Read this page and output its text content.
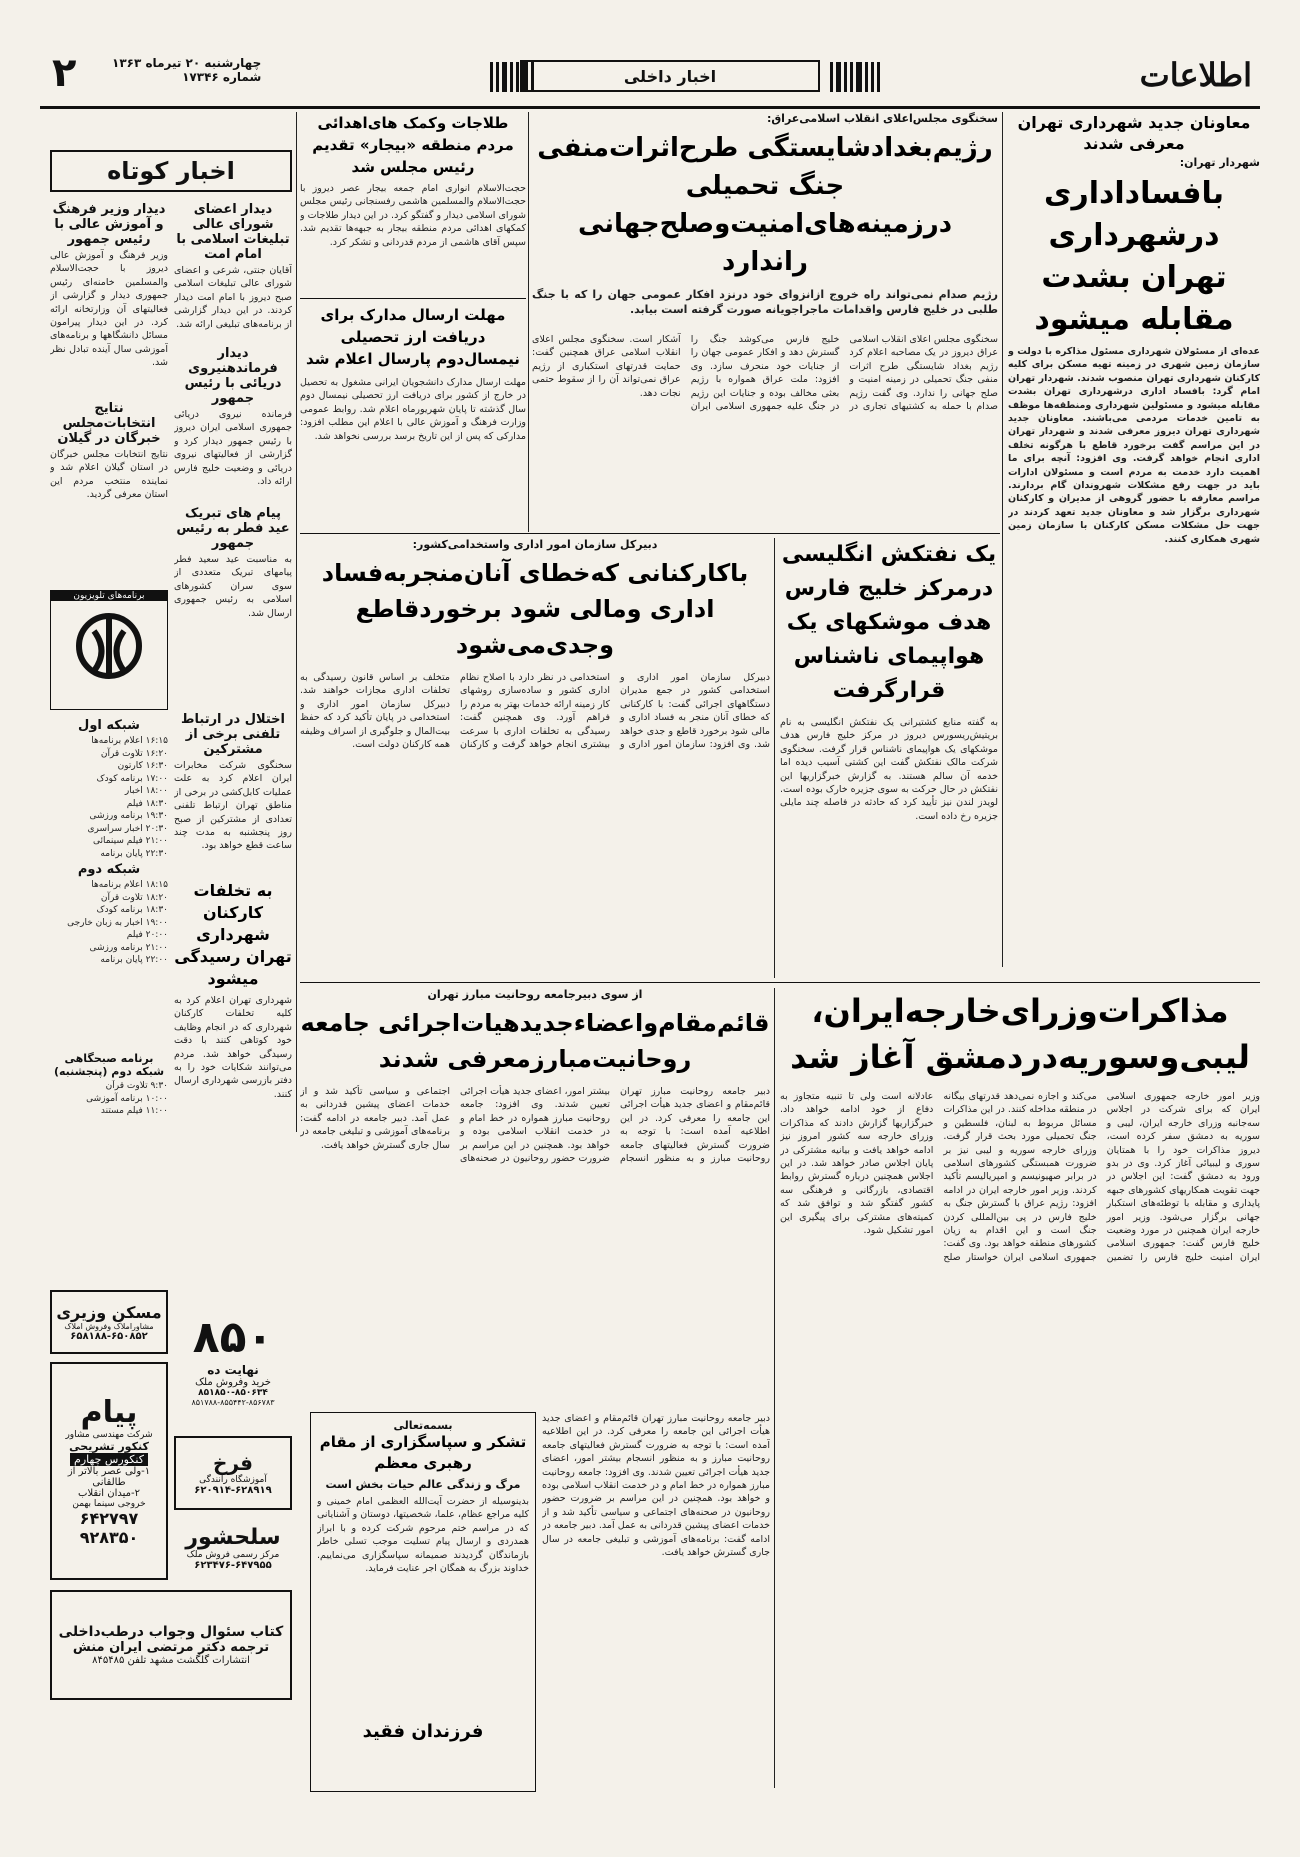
اطلاعات
اخبار داخلی
چهارشنبه ۲۰ تیرماه ۱۳۶۳
شماره ۱۷۳۴۶
۲
معاونان جدید شهرداری تهران معرفی شدند
شهردار تهران:
بافساداداری درشهرداری تهران بشدت مقابله میشود
عده‌ای از مسئولان شهرداری مسئول مذاکره با دولت و سازمان زمین شهری در زمینه تهیه مسکن برای کلیه کارکنان شهرداری تهران منصوب شدند. شهردار تهران امام گرد: بافساد اداری درشهرداری تهران بشدت مقابله میشود و مسئولین شهرداری ومنطقه‌ها موظف به تامین خدمات مردمی می‌باشند. معاونان جدید شهرداری تهران دیروز معرفی شدند و شهردار تهران در این مراسم گفت برخورد قاطع با هرگونه تخلف اداری انجام خواهد گرفت. وی افزود: آنچه برای ما اهمیت دارد خدمت به مردم است و مسئولان ادارات باید در جهت رفع مشکلات شهروندان گام بردارند. مراسم معارفه با حضور گروهی از مدیران و کارکنان شهرداری برگزار شد و معاونان جدید تعهد کردند در جهت حل مشکلات مسکن کارکنان با سازمان زمین شهری همکاری کنند.
سخنگوی مجلس‌اعلای انقلاب اسلامی‌عراق:
رژیم‌بغدادشایستگی طرح‌اثرات‌منفی جنگ تحمیلی درزمینه‌های‌امنیت‌وصلح‌جهانی راندارد
رژیم صدام نمی‌تواند راه خروج ازانزوای خود درنزد افکار عمومی جهان را که با جنگ طلبی در خلیج فارس واقدامات ماجراجویانه صورت گرفته است بیابد.
سخنگوی مجلس اعلای انقلاب اسلامی عراق دیروز در یک مصاحبه اعلام کرد رژیم بغداد شایستگی طرح اثرات منفی جنگ تحمیلی در زمینه امنیت و صلح جهانی را ندارد. وی گفت رژیم صدام با حمله به کشتیهای تجاری در خلیج فارس می‌کوشد جنگ را گسترش دهد و افکار عمومی جهان را از جنایات خود منحرف سازد. وی افزود: ملت عراق همواره با رژیم بعثی مخالف بوده و جنایات این رژیم در جنگ علیه جمهوری اسلامی ایران آشکار است. سخنگوی مجلس اعلای انقلاب اسلامی عراق همچنین گفت: حمایت قدرتهای استکباری از رژیم عراق نمی‌تواند آن را از سقوط حتمی نجات دهد.
طلاجات وکمک های‌اهدائی مردم منطقه «بیجار» تقدیم رئیس مجلس شد
حجت‌الاسلام انواری امام جمعه بیجار عصر دیروز با حجت‌الاسلام والمسلمین هاشمی رفسنجانی رئیس مجلس شورای اسلامی دیدار و گفتگو کرد. در این دیدار طلاجات و کمکهای اهدائی مردم منطقه بیجار به جبهه‌ها تقدیم شد. سپس آقای هاشمی از مردم قدردانی و تشکر کرد.
مهلت ارسال مدارک برای دریافت ارز تحصیلی نیمسال‌دوم پارسال اعلام شد
مهلت ارسال مدارک دانشجویان ایرانی مشغول به تحصیل در خارج از کشور برای دریافت ارز تحصیلی نیمسال دوم سال گذشته تا پایان شهریورماه اعلام شد. روابط عمومی وزارت فرهنگ و آموزش عالی با اعلام این مطلب افزود: مدارکی که پس از این تاریخ برسد بررسی نخواهد شد.
اخبار کوتاه
دیدار اعضای شورای عالی تبلیغات اسلامی با امام امت
آقایان جنتی، شرعی و اعضای شورای عالی تبلیغات اسلامی صبح دیروز با امام امت دیدار کردند. در این دیدار گزارشی از برنامه‌های تبلیغی ارائه شد.
دیدار فرماندهنیروی دریائی با رئیس جمهور
فرمانده نیروی دریائی جمهوری اسلامی ایران دیروز با رئیس جمهور دیدار کرد و گزارشی از فعالیتهای نیروی دریائی و وضعیت خلیج فارس ارائه داد.
پیام های تبریک عید فطر به رئیس جمهور
به مناسبت عید سعید فطر پیامهای تبریک متعددی از سوی سران کشورهای اسلامی به رئیس جمهوری ارسال شد.
دیدار وزیر فرهنگ و آموزش عالی با رئیس جمهور
وزیر فرهنگ و آموزش عالی دیروز با حجت‌الاسلام والمسلمین خامنه‌ای رئیس جمهوری دیدار و گزارشی از فعالیتهای آن وزارتخانه ارائه کرد. در این دیدار پیرامون مسائل دانشگاهها و برنامه‌های آموزشی سال آینده تبادل نظر شد.
نتایج انتخابات‌مجلس خبرگان در گیلان
نتایج انتخابات مجلس خبرگان در استان گیلان اعلام شد و نماینده منتخب مردم این استان معرفی گردید.
برنامه‌های تلویزیون
شبکه اول
۱۶:۱۵ اعلام برنامه‌ها
۱۶:۲۰ تلاوت قرآن
۱۶:۳۰ کارتون
۱۷:۰۰ برنامه کودک
۱۸:۰۰ اخبار
۱۸:۳۰ فیلم
۱۹:۳۰ برنامه ورزشی
۲۰:۳۰ اخبار سراسری
۲۱:۰۰ فیلم سینمائی
۲۲:۳۰ پایان برنامه
شبکه دوم
۱۸:۱۵ اعلام برنامه‌ها
۱۸:۲۰ تلاوت قرآن
۱۸:۳۰ برنامه کودک
۱۹:۰۰ اخبار به زبان خارجی
۲۰:۰۰ فیلم
۲۱:۰۰ برنامه ورزشی
۲۲:۰۰ پایان برنامه
اختلال در ارتباط تلفنی برخی از مشترکین
سخنگوی شرکت مخابرات ایران اعلام کرد به علت عملیات کابل‌کشی در برخی از مناطق تهران ارتباط تلفنی تعدادی از مشترکین از صبح روز پنجشنبه به مدت چند ساعت قطع خواهد بود.
برنامه صبحگاهی شبکه دوم (پنجشنبه)
۹:۳۰ تلاوت قرآن
۱۰:۰۰ برنامه آموزشی
۱۱:۰۰ فیلم مستند
به تخلفات کارکنان شهرداری تهران رسیدگی میشود
شهرداری تهران اعلام کرد به کلیه تخلفات کارکنان شهرداری که در انجام وظایف خود کوتاهی کنند با دقت رسیدگی خواهد شد. مردم می‌توانند شکایات خود را به دفتر بازرسی شهرداری ارسال کنند.
دبیرکل سازمان امور اداری واستخدامی‌کشور:
باکارکنانی که‌خطای آنان‌منجربه‌فساد اداری ومالی شود برخوردقاطع وجدی‌می‌شود
دبیرکل سازمان امور اداری و استخدامی کشور در جمع مدیران دستگاههای اجرائی گفت: با کارکنانی که خطای آنان منجر به فساد اداری و مالی شود برخورد قاطع و جدی خواهد شد. وی افزود: سازمان امور اداری و استخدامی در نظر دارد با اصلاح نظام اداری کشور و ساده‌سازی روشهای کار زمینه ارائه خدمات بهتر به مردم را فراهم آورد. وی همچنین گفت: رسیدگی به تخلفات اداری با سرعت بیشتری انجام خواهد گرفت و کارکنان متخلف بر اساس قانون رسیدگی به تخلفات اداری مجازات خواهند شد. دبیرکل سازمان امور اداری و استخدامی در پایان تأکید کرد که حفظ بیت‌المال و جلوگیری از اسراف وظیفه همه کارکنان دولت است.
یک نفتکش انگلیسی درمرکز خلیج فارس هدف موشکهای یک هواپیمای ناشناس قرارگرفت
به گفته منابع کشتیرانی یک نفتکش انگلیسی به نام بریتیش‌ریسورس دیروز در مرکز خلیج فارس هدف موشکهای یک هواپیمای ناشناس قرار گرفت. سخنگوی شرکت مالک نفتکش گفت این کشتی آسیب دیده اما خدمه آن سالم هستند. به گزارش خبرگزاریها این نفتکش در حال حرکت به سوی جزیره خارک بوده است. لویدز لندن نیز تأیید کرد که حادثه در فاصله چند مایلی جزیره رخ داده است.
از سوی دبیرجامعه روحانیت مبارز تهران
قائم‌مقام‌واعضاءجدیدهیات‌اجرائی جامعه روحانیت‌مبارزمعرفی شدند
دبیر جامعه روحانیت مبارز تهران قائم‌مقام و اعضای جدید هیأت اجرائی این جامعه را معرفی کرد. در این اطلاعیه آمده است: با توجه به ضرورت گسترش فعالیتهای جامعه روحانیت مبارز و به منظور انسجام بیشتر امور، اعضای جدید هیأت اجرائی تعیین شدند. وی افزود: جامعه روحانیت مبارز همواره در خط امام و در خدمت انقلاب اسلامی بوده و خواهد بود. همچنین در این مراسم بر ضرورت حضور روحانیون در صحنه‌های اجتماعی و سیاسی تأکید شد و از خدمات اعضای پیشین قدردانی به عمل آمد. دبیر جامعه در ادامه گفت: برنامه‌های آموزشی و تبلیغی جامعه در سال جاری گسترش خواهد یافت.
مذاکرات‌وزرای‌خارجه‌ایران، لیبی‌وسوریه‌دردمشق آغاز شد
وزیر امور خارجه جمهوری اسلامی ایران که برای شرکت در اجلاس سه‌جانبه وزرای خارجه ایران، لیبی و سوریه به دمشق سفر کرده است، دیروز مذاکرات خود را با همتایان سوری و لیبیائی آغاز کرد. وی در بدو ورود به دمشق گفت: این اجلاس در جهت تقویت همکاریهای کشورهای جبهه پایداری و مقابله با توطئه‌های استکبار جهانی برگزار می‌شود. وزیر امور خارجه ایران همچنین در مورد وضعیت خلیج فارس گفت: جمهوری اسلامی ایران امنیت خلیج فارس را تضمین می‌کند و اجازه نمی‌دهد قدرتهای بیگانه در منطقه مداخله کنند. در این مذاکرات مسائل مربوط به لبنان، فلسطین و جنگ تحمیلی مورد بحث قرار گرفت. وزرای خارجه سوریه و لیبی نیز بر ضرورت همبستگی کشورهای اسلامی در برابر صهیونیسم و امپریالیسم تأکید کردند. وزیر امور خارجه ایران در ادامه افزود: رژیم عراق با گسترش جنگ به خلیج فارس در پی بین‌المللی کردن جنگ است و این اقدام به زیان کشورهای منطقه خواهد بود. وی گفت: جمهوری اسلامی ایران خواستار صلح عادلانه است ولی تا تنبیه متجاوز به دفاع از خود ادامه خواهد داد. خبرگزاریها گزارش دادند که مذاکرات وزرای خارجه سه کشور امروز نیز ادامه خواهد یافت و بیانیه مشترکی در پایان اجلاس صادر خواهد شد. در این اجلاس همچنین درباره گسترش روابط اقتصادی، بازرگانی و فرهنگی سه کشور گفتگو شد و توافق شد که کمیته‌های مشترکی برای پیگیری این امور تشکیل شود.
بسمه‌تعالی
تشکر و سپاسگزاری از مقام رهبری معظم
مرگ و زندگی عالم حیات بخش است
بدینوسیله از حضرت آیت‌الله العظمی امام خمینی و کلیه مراجع عظام، علما، شخصیتها، دوستان و آشنایانی که در مراسم ختم مرحوم شرکت کرده و با ابراز همدردی و ارسال پیام تسلیت موجب تسلی خاطر بازماندگان گردیدند صمیمانه سپاسگزاری می‌نماییم. خداوند بزرگ به همگان اجر عنایت فرماید.
فرزندان فقید
دبیر جامعه روحانیت مبارز تهران قائم‌مقام و اعضای جدید هیأت اجرائی این جامعه را معرفی کرد. در این اطلاعیه آمده است: با توجه به ضرورت گسترش فعالیتهای جامعه روحانیت مبارز و به منظور انسجام بیشتر امور، اعضای جدید هیأت اجرائی تعیین شدند. وی افزود: جامعه روحانیت مبارز همواره در خط امام و در خدمت انقلاب اسلامی بوده و خواهد بود. همچنین در این مراسم بر ضرورت حضور روحانیون در صحنه‌های اجتماعی و سیاسی تأکید شد و از خدمات اعضای پیشین قدردانی به عمل آمد. دبیر جامعه در ادامه گفت: برنامه‌های آموزشی و تبلیغی جامعه در سال جاری گسترش خواهد یافت.
مسکن وزیری
مشاوراملاک وفروش املاک
۶۵۸۱۸۸-۶۵۰۸۵۲
پیام
شرکت مهندسی مشاور
کنکور تشریحی
کنکورس چهارم
۱-ولی عصر بالاتر از طالقانی
۲-میدان انقلاب
خروجی سینما بهمن
۶۴۲۷۹۷
۹۲۸۳۵۰
۸۵۰
نهایت ده
خرید وفروش ملک
۸۵۱۸۵۰-۸۵۰۶۳۴
۸۵۱۷۸۸-۸۵۵۴۴۲-۸۵۶۷۸۳
فرخ
آموزشگاه رانندگی
۶۲۰۹۱۴-۶۲۸۹۱۹
سلحشور
مرکز رسمی فروش ملک
۶۲۳۴۷۶-۶۴۷۹۵۵
کتاب سئوال وجواب درطب‌داخلی
ترجمه دکتر مرتضی ایران منش
انتشارات گلگشت مشهد تلفن ۸۴۵۴۸۵
